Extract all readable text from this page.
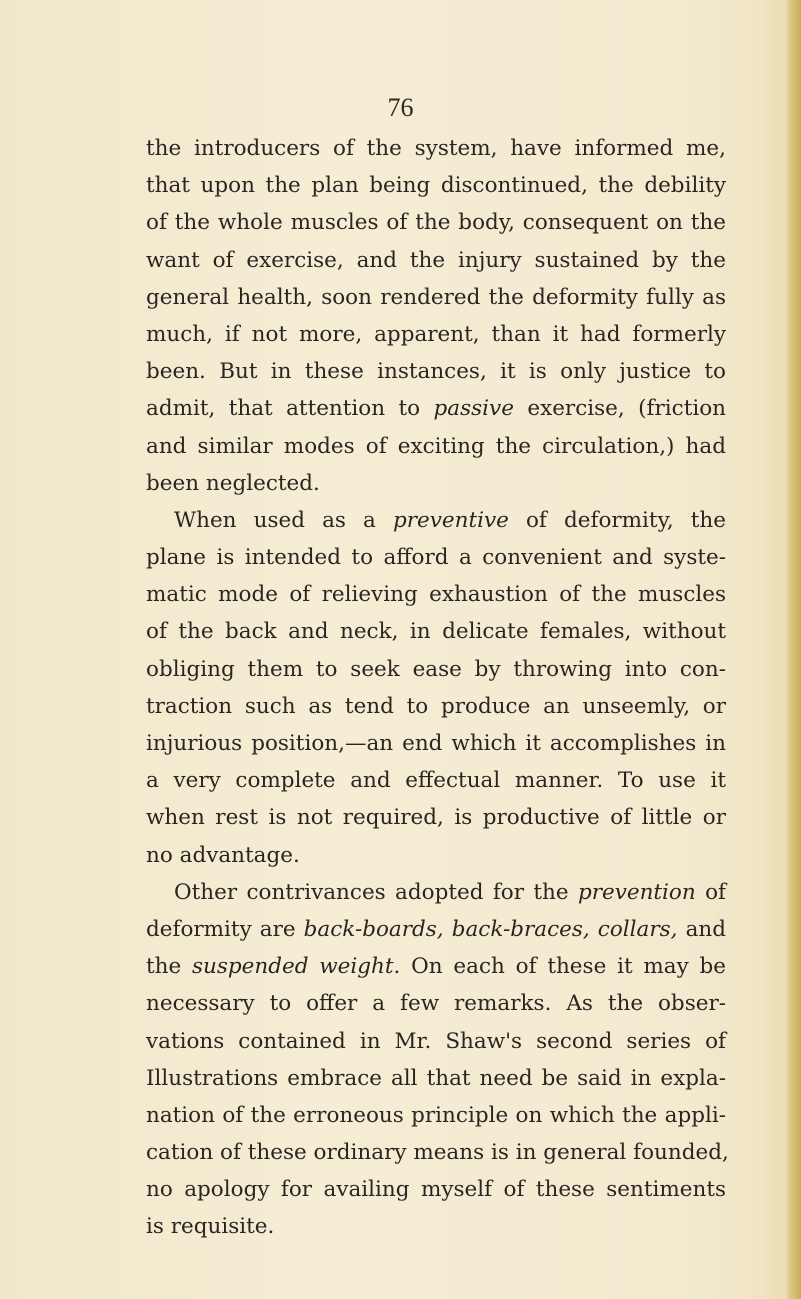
76
the introducers of the system, have informed me,
that upon the plan being discontinued, the debility
of the whole muscles of the body, consequent on the
want of exercise, and the injury sustained by the
general health, soon rendered the deformity fully as
much, if not more, apparent, than it had formerly
been. But in these instances, it is only justice to
admit, that attention to passive exercise, (friction
and similar modes of exciting the circulation,) had
been neglected.
When used as a preventive of deformity, the
plane is intended to afford a convenient and syste-
matic mode of relieving exhaustion of the muscles
of the back and neck, in delicate females, without
obliging them to seek ease by throwing into con-
traction such as tend to produce an unseemly, or
injurious position,—an end which it accomplishes in
a very complete and effectual manner. To use it
when rest is not required, is productive of little or
no advantage.
Other contrivances adopted for the prevention of
deformity are back-boards, back-braces, collars, and
the suspended weight. On each of these it may be
necessary to offer a few remarks. As the obser-
vations contained in Mr. Shaw's second series of
Illustrations embrace all that need be said in expla-
nation of the erroneous principle on which the appli-
cation of these ordinary means is in general founded,
no apology for availing myself of these sentiments
is requisite.
